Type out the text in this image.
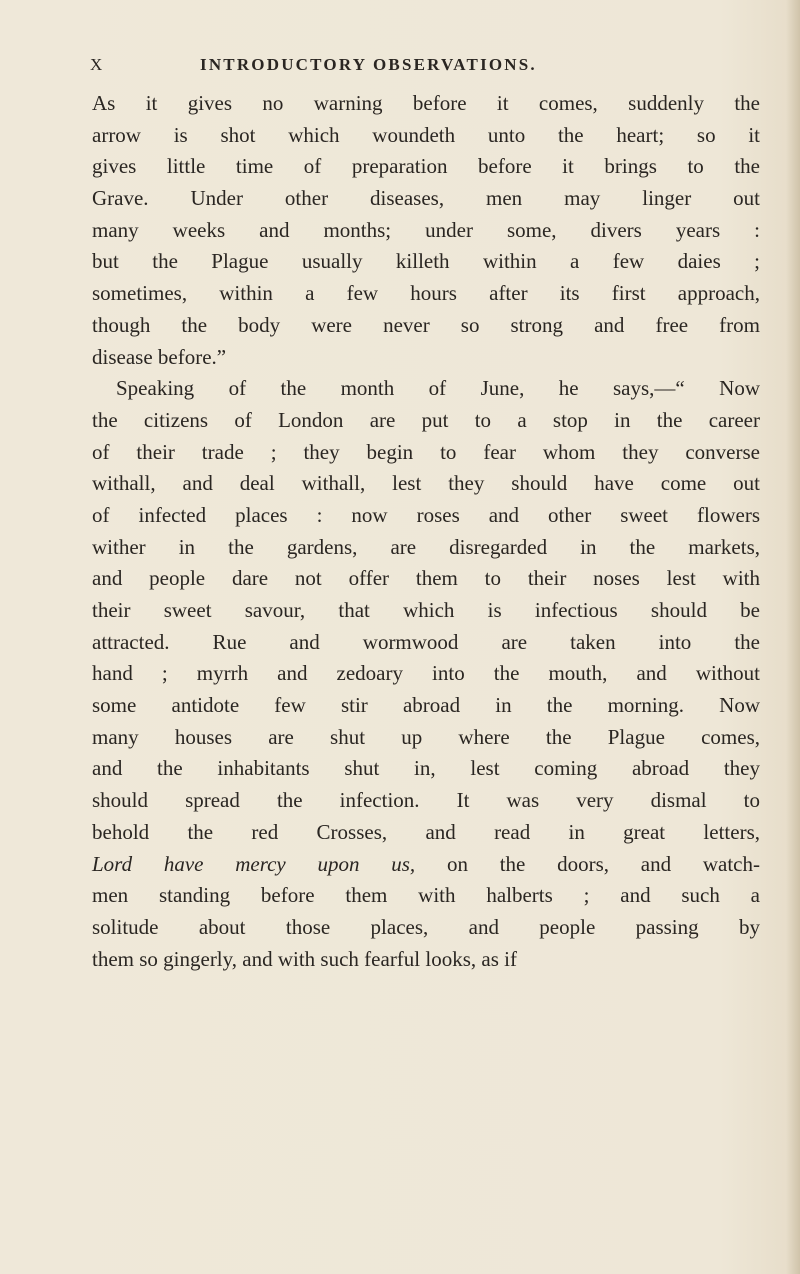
X	INTRODUCTORY OBSERVATIONS.
As it gives no warning before it comes, suddenly the
arrow is shot which woundeth unto the heart; so it
gives little time of preparation before it brings to the
Grave. Under other diseases, men may linger out
many weeks and months; under some, divers years :
but the Plague usually killeth within a few daies ;
sometimes, within a few hours after its first approach,
though the body were never so strong and free from
disease before.”
Speaking of the month of June, he says,—“ Now
the citizens of London are put to a stop in the career
of their trade ; they begin to fear whom they converse
withall, and deal withall, lest they should have come out
of infected places : now roses and other sweet flowers
wither in the gardens, are disregarded in the markets,
and people dare not offer them to their noses lest with
their sweet savour, that which is infectious should be
attracted. Rue and wormwood are taken into the
hand ; myrrh and zedoary into the mouth, and without
some antidote few stir abroad in the morning. Now
many houses are shut up where the Plague comes,
and the inhabitants shut in, lest coming abroad they
should spread the infection. It was very dismal to
behold the red Crosses, and read in great letters,
Lord have mercy upon us, on the doors, and watch-
men standing before them with halberts ; and such a
solitude about those places, and people passing by
them so gingerly, and with such fearful looks, as if
